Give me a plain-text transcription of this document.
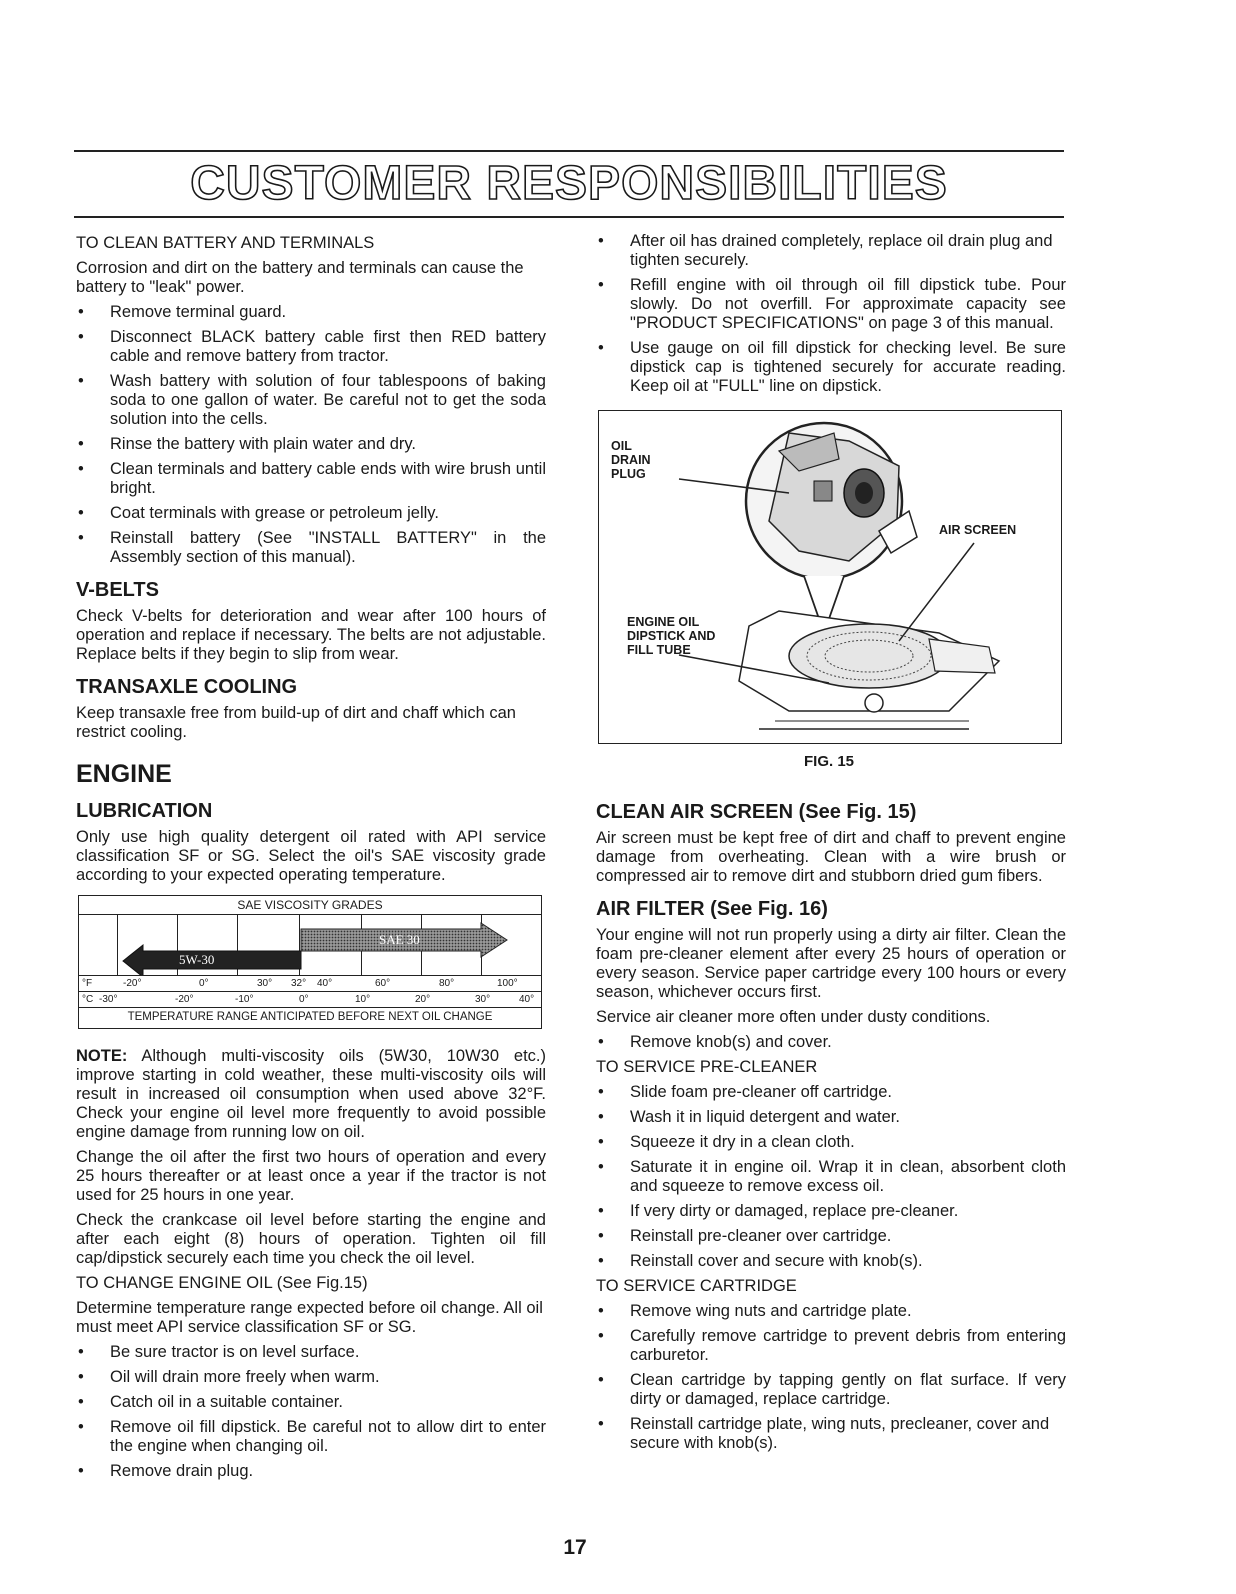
CUSTOMER RESPONSIBILITIES
TO CLEAN BATTERY AND TERMINALS

Corrosion and dirt on the battery and terminals can cause the battery to "leak" power.

• Remove terminal guard.
• Disconnect BLACK battery cable first then RED battery cable and remove battery from tractor.
• Wash battery with solution of four tablespoons of baking soda to one gallon of water. Be careful not to get the soda solution into the cells.
• Rinse the battery with plain water and dry.
• Clean terminals and battery cable ends with wire brush until bright.
• Coat terminals with grease or petroleum jelly.
• Reinstall battery (See "INSTALL BATTERY" in the Assembly section of this manual).
V-BELTS

Check V-belts for deterioration and wear after 100 hours of operation and replace if necessary. The belts are not adjustable. Replace belts if they begin to slip from wear.

TRANSAXLE COOLING

Keep transaxle free from build-up of dirt and chaff which can restrict cooling.

ENGINE
LUBRICATION

Only use high quality detergent oil rated with API service classification SF or SG. Select the oil's SAE viscosity grade according to your expected operating temperature.

SAE VISCOSITY GRADES
SAE 30
5W-30
°F	-20°	0°	30° 32° 40°	60°	80°	100°
°C -30°	-20°	-10°	0°	10°	20°	30°	40°
TEMPERATURE RANGE ANTICIPATED BEFORE NEXT OIL CHANGE

NOTE: Although multi-viscosity oils (5W30, 10W30 etc.) improve starting in cold weather, these multi-viscosity oils will result in increased oil consumption when used above 32°F. Check your engine oil level more frequently to avoid possible engine damage from running low on oil.

Change the oil after the first two hours of operation and every 25 hours thereafter or at least once a year if the tractor is not used for 25 hours in one year.

Check the crankcase oil level before starting the engine and after each eight (8) hours of operation. Tighten oil fill cap/dipstick securely each time you check the oil level.

TO CHANGE ENGINE OIL (See Fig.15)

Determine temperature range expected before oil change. All oil must meet API service classification SF or SG.

• Be sure tractor is on level surface.
• Oil will drain more freely when warm.
• Catch oil in a suitable container.
• Remove oil fill dipstick. Be careful not to allow dirt to enter the engine when changing oil.
• Remove drain plug.
• After oil has drained completely, replace oil drain plug and tighten securely.
• Refill engine with oil through oil fill dipstick tube. Pour slowly. Do not overfill. For approximate capacity see "PRODUCT SPECIFICATIONS" on page 3 of this manual.
• Use gauge on oil fill dipstick for checking level. Be sure dipstick cap is tightened securely for accurate reading. Keep oil at "FULL" line on dipstick.
OIL
DRAIN
PLUG
AIR SCREEN
ENGINE OIL
DIPSTICK AND
FILL TUBE
FIG. 15
CLEAN AIR SCREEN (See Fig. 15)

Air screen must be kept free of dirt and chaff to prevent engine damage from overheating. Clean with a wire brush or compressed air to remove dirt and stubborn dried gum fibers.

AIR FILTER (See Fig. 16)

Your engine will not run properly using a dirty air filter. Clean the foam pre-cleaner element after every 25 hours of operation or every season. Service paper cartridge every 100 hours or every season, whichever occurs first.

Service air cleaner more often under dusty conditions.

• Remove knob(s) and cover.
TO SERVICE PRE-CLEANER
• Slide foam pre-cleaner off cartridge.
• Wash it in liquid detergent and water.
• Squeeze it dry in a clean cloth.
• Saturate it in engine oil. Wrap it in clean, absorbent cloth and squeeze to remove excess oil.
• If very dirty or damaged, replace pre-cleaner.
• Reinstall pre-cleaner over cartridge.
• Reinstall cover and secure with knob(s).
TO SERVICE CARTRIDGE
• Remove wing nuts and cartridge plate.
• Carefully remove cartridge to prevent debris from entering carburetor.
• Clean cartridge by tapping gently on flat surface. If very dirty or damaged, replace cartridge.
• Reinstall cartridge plate, wing nuts, precleaner, cover and secure with knob(s).
17
